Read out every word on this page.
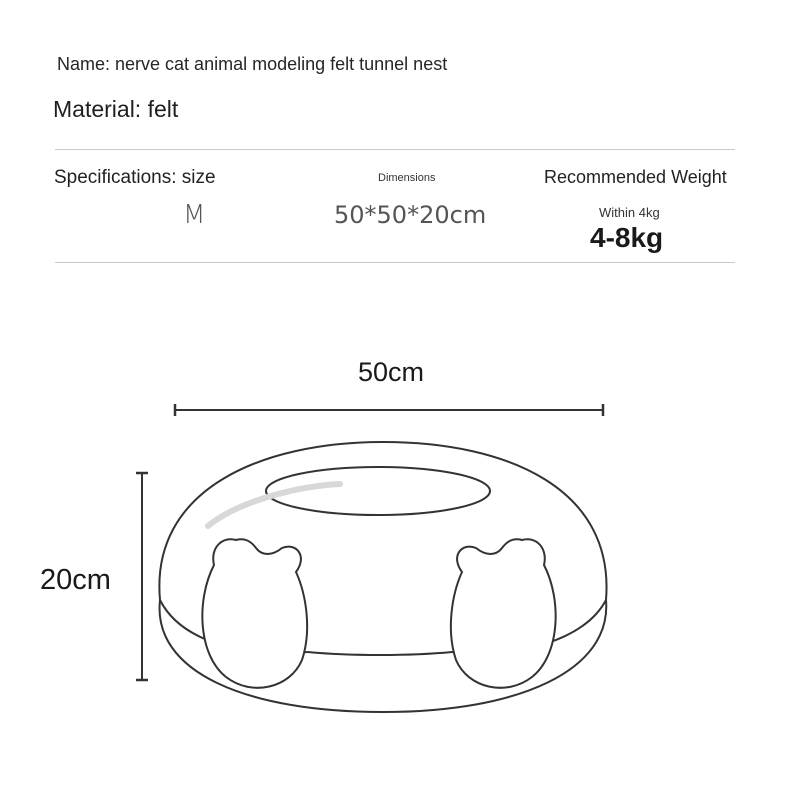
Name: nerve cat animal modeling felt tunnel nest
Material: felt
Specifications: size	Dimensions	Recommended Weight
M	50*50*20cm	Within 4kg
4-8kg
50cm
20cm
